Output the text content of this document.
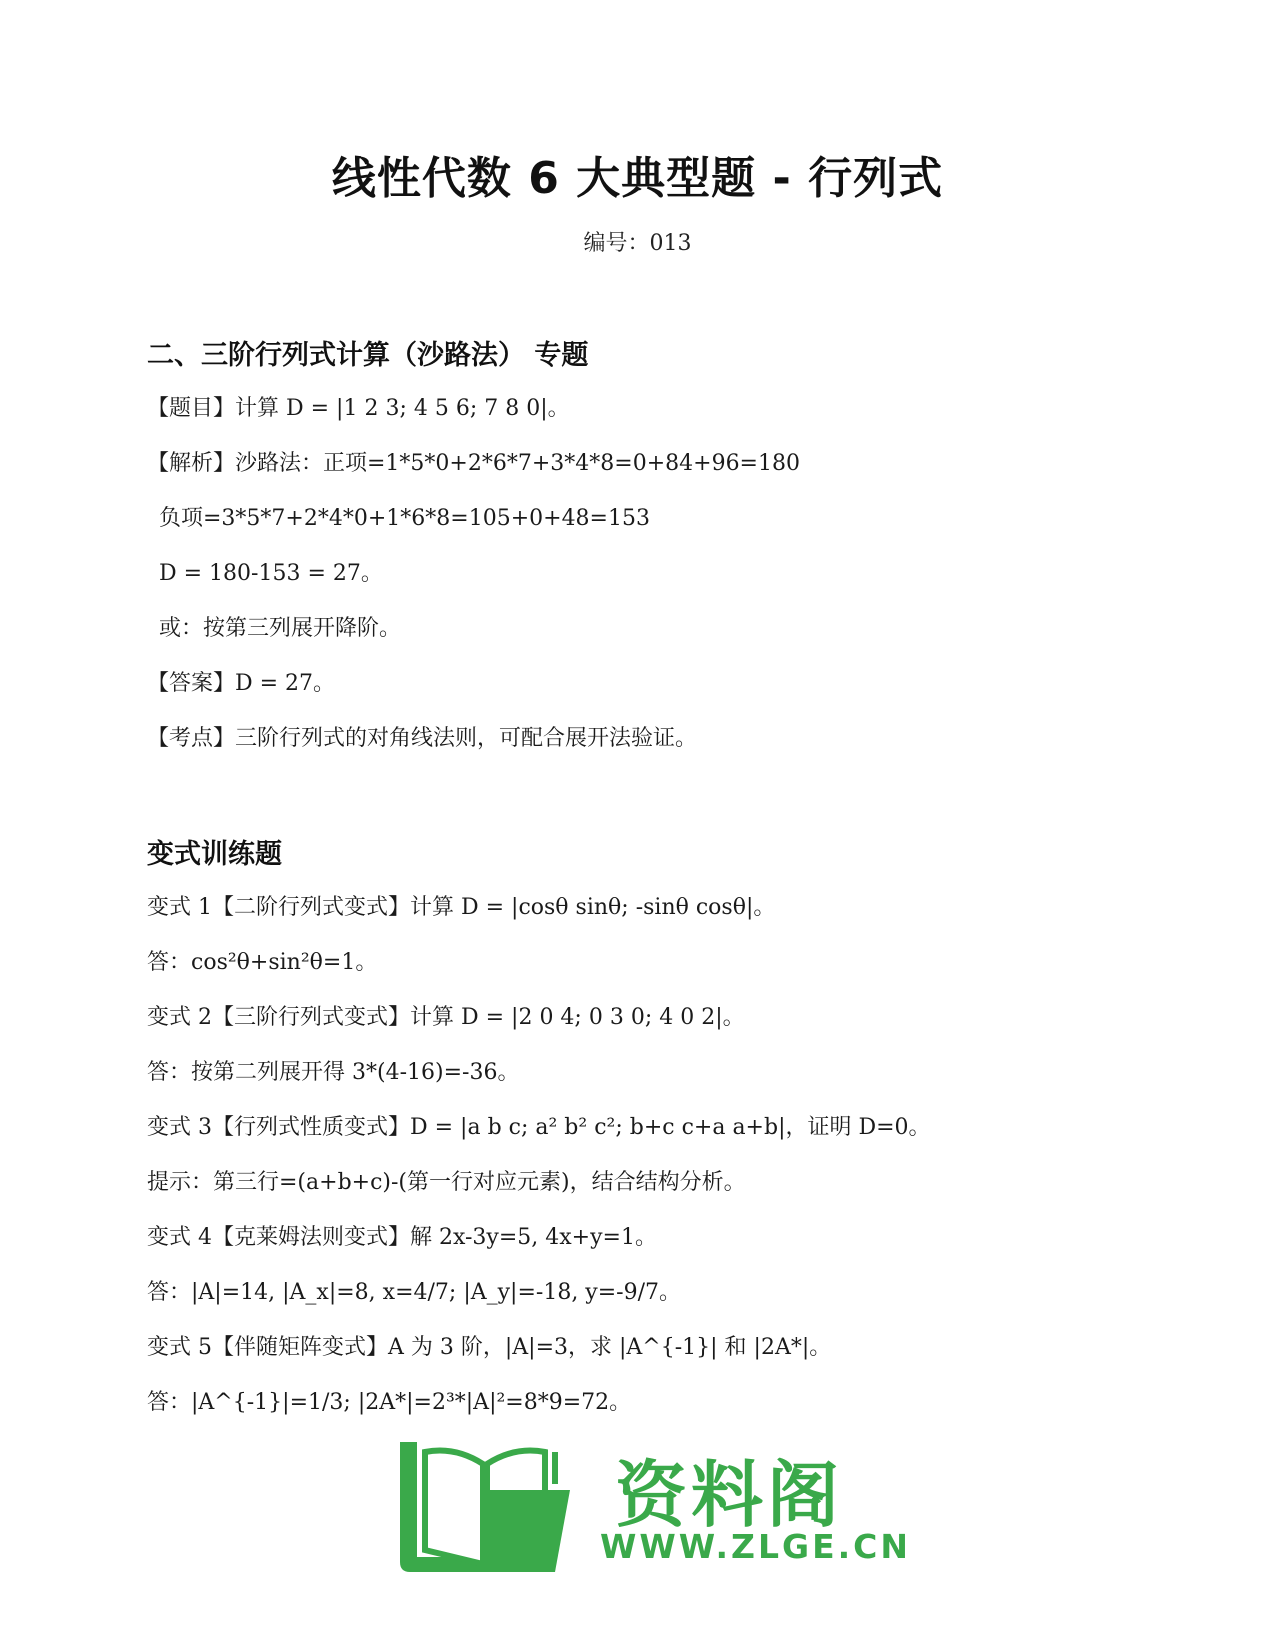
线性代数 6 大典型题 - 行列式
编号：013
二、三阶行列式计算（沙路法） 专题
【题目】计算 D = |1 2 3; 4 5 6; 7 8 0|。
【解析】沙路法：正项=1*5*0+2*6*7+3*4*8=0+84+96=180
负项=3*5*7+2*4*0+1*6*8=105+0+48=153
D = 180-153 = 27。
或：按第三列展开降阶。
【答案】D = 27。
【考点】三阶行列式的对角线法则，可配合展开法验证。
变式训练题
变式 1【二阶行列式变式】计算 D = |cosθ sinθ; -sinθ cosθ|。
答：cos²θ+sin²θ=1。
变式 2【三阶行列式变式】计算 D = |2 0 4; 0 3 0; 4 0 2|。
答：按第二列展开得 3*(4-16)=-36。
变式 3【行列式性质变式】D = |a b c; a² b² c²; b+c c+a a+b|，证明 D=0。
提示：第三行=(a+b+c)-(第一行对应元素)，结合结构分析。
变式 4【克莱姆法则变式】解 2x-3y=5, 4x+y=1。
答：|A|=14, |A_x|=8, x=4/7; |A_y|=-18, y=-9/7。
变式 5【伴随矩阵变式】A 为 3 阶，|A|=3，求 |A^{-1}| 和 |2A*|。
答：|A^{-1}|=1/3; |2A*|=2³*|A|²=8*9=72。
资料阁
WWW.ZLGE.CN
